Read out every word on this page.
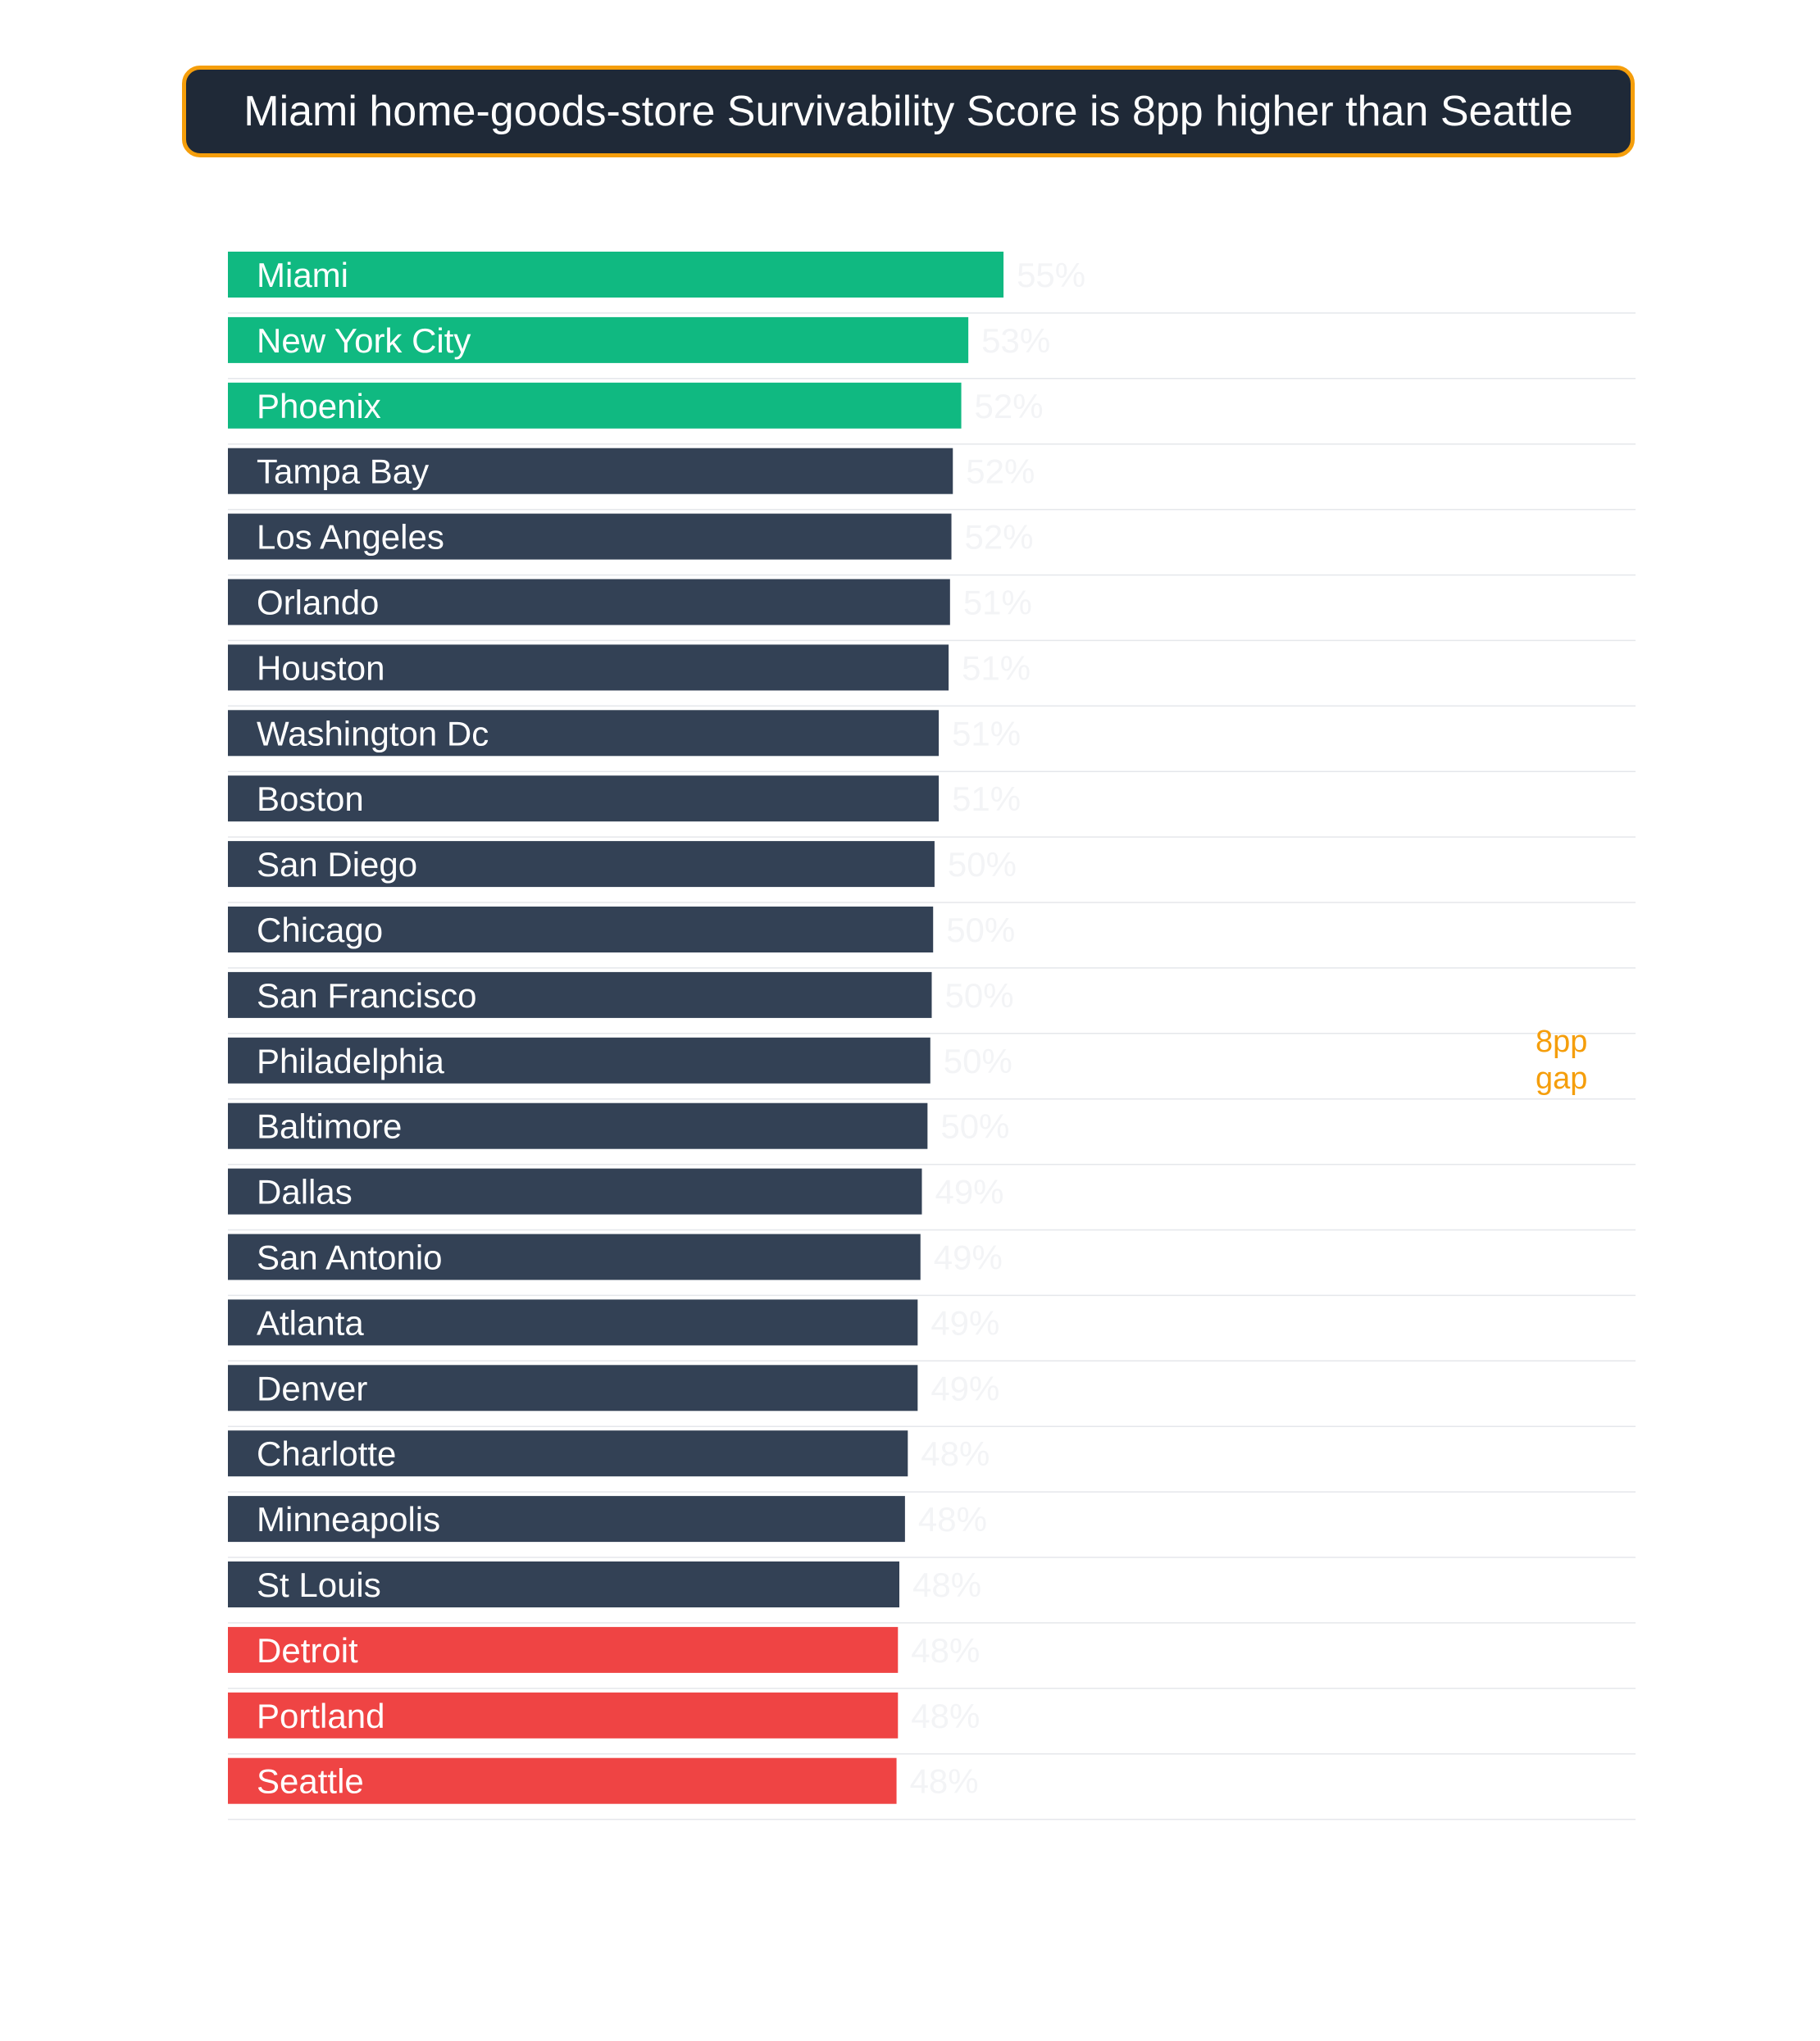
Miami home-goods-store Survivability Score is 8pp higher than Seattle
Miami	55%
New York City	53%
Phoenix	52%
Tampa Bay	52%
Los Angeles	52%
Orlando	51%
Houston	51%
Washington Dc	51%
Boston	51%
San Diego	50%
Chicago	50%
San Francisco	50%
Philadelphia	50%
Baltimore	50%
Dallas	49%
San Antonio	49%
Atlanta	49%
Denver	49%
Charlotte	48%
Minneapolis	48%
St Louis	48%
Detroit	48%
Portland	48%
Seattle	48%
8pp
gap
